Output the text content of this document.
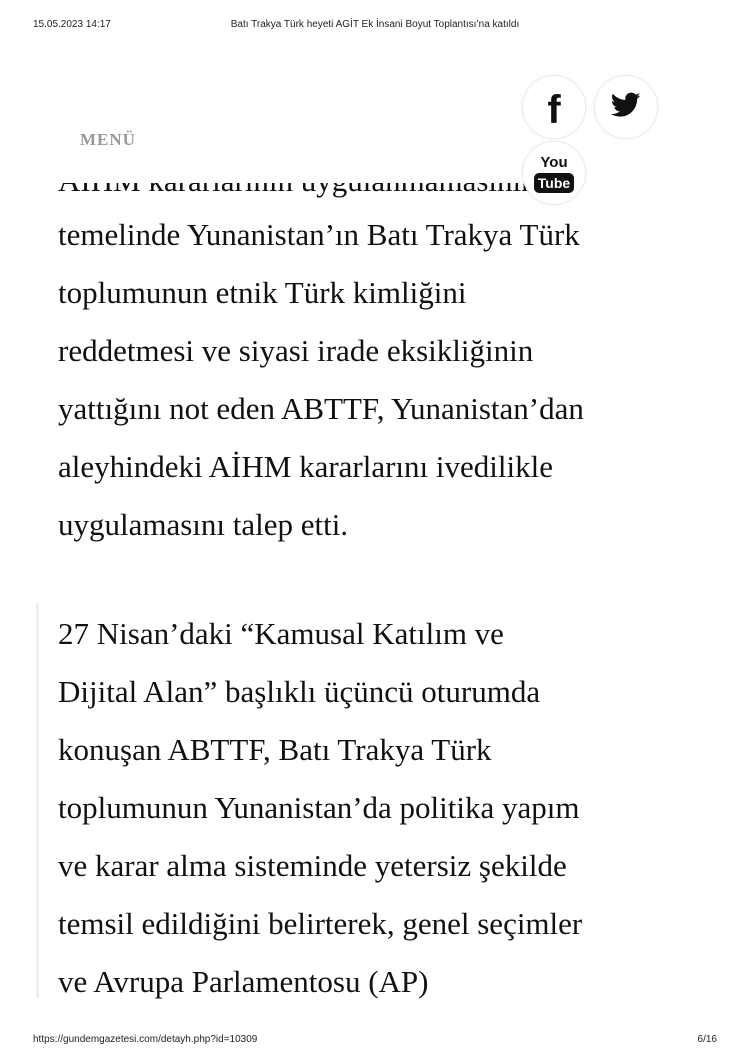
15.05.2023 14:17	Batı Trakya Türk heyeti AGİT Ek İnsani Boyut Toplantısı’na katıldı
temelinde Yunanistan’ın Batı Trakya Türk
toplumunun etnik Türk kimliğini
reddetmesi ve siyasi irade eksikliğinin
yattığını not eden ABTTF, Yunanistan’dan
aleyhindeki AİHM kararlarını ivedilikle
uygulamasını talep etti.
27 Nisan’daki “Kamusal Katılım ve
Dijital Alan” başlıklı üçüncü oturumda
konuşan ABTTF, Batı Trakya Türk
toplumunun Yunanistan’da politika yapım
ve karar alma sisteminde yetersiz şekilde
temsil edildiğini belirterek, genel seçimler
ve Avrupa Parlamentosu (AP)
MENÜ
f
You
Tube
https://gundemgazetesi.com/detayh.php?id=10309	6/16
